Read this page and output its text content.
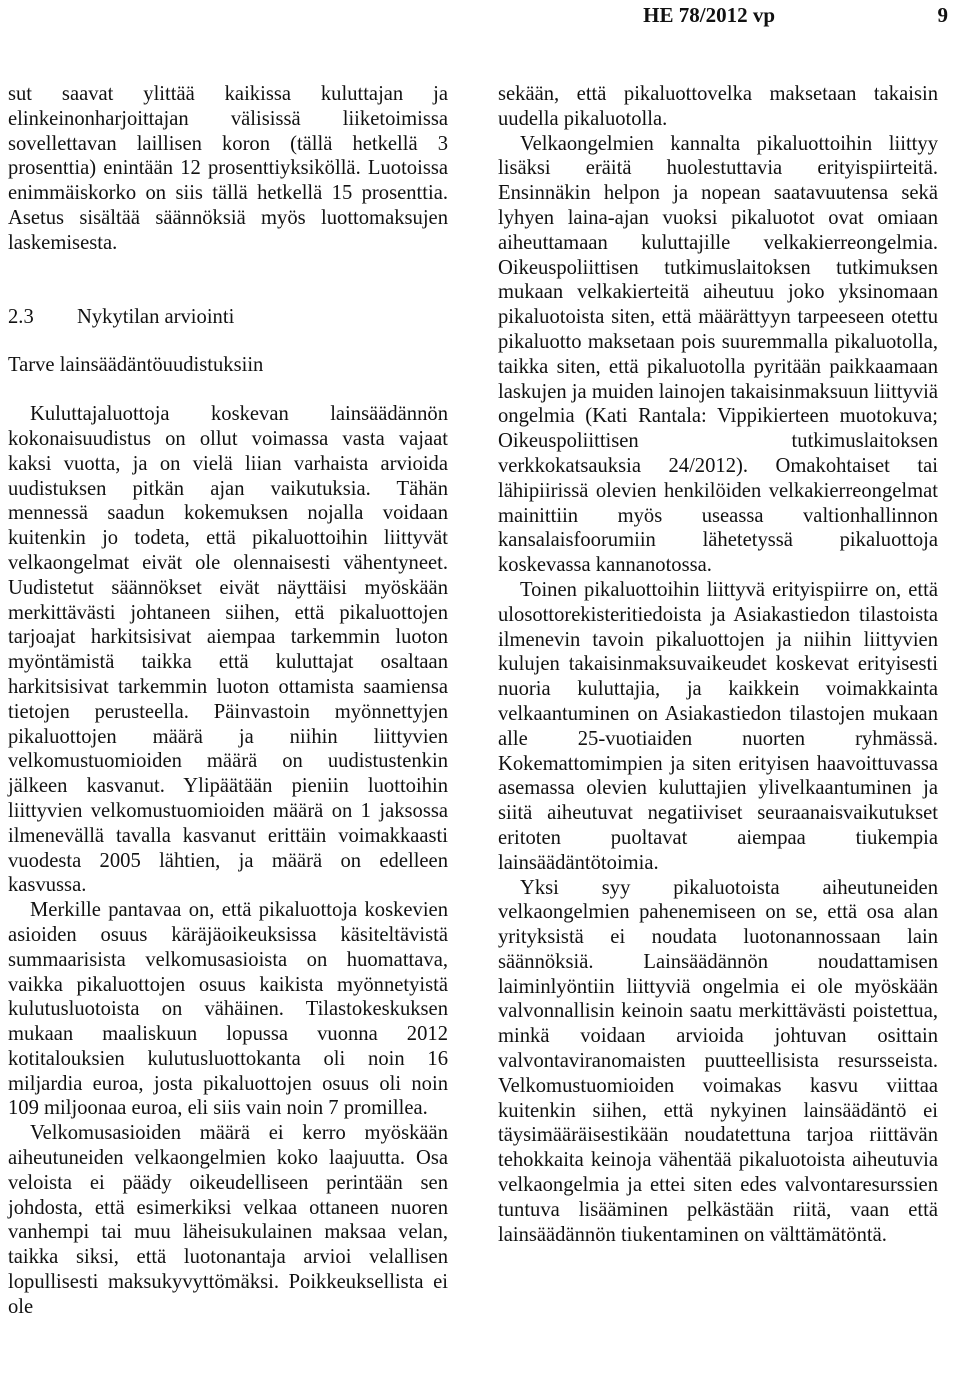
HE 78/2012 vp	9

sut saavat ylittää kaikissa kuluttajan ja elinkeinonharjoittajan välisissä liiketoimissa sovellettavan laillisen koron (tällä hetkellä 3 prosenttia) enintään 12 prosenttiyksiköllä. Luotoissa enimmäiskorko on siis tällä hetkellä 15 prosenttia. Asetus sisältää säännöksiä myös luottomaksujen laskemisesta.

2.3 Nykytilan arviointi

Tarve lainsäädäntöuudistuksiin

Kuluttajaluottoja koskevan lainsäädännön kokonaisuudistus on ollut voimassa vasta vajaat kaksi vuotta, ja on vielä liian varhaista arvioida uudistuksen pitkän ajan vaikutuksia. Tähän mennessä saadun kokemuksen nojalla voidaan kuitenkin jo todeta, että pikaluottoihin liittyvät velkaongelmat eivät ole olennaisesti vähentyneet. Uudistetut säännökset eivät näyttäisi myöskään merkittävästi johtaneen siihen, että pikaluottojen tarjoajat harkitsisivat aiempaa tarkemmin luoton myöntämistä taikka että kuluttajat osaltaan harkitsisivat tarkemmin luoton ottamista saamiensa tietojen perusteella. Päinvastoin myönnettyjen pikaluottojen määrä ja niihin liittyvien velkomustuomioiden määrä on uudistustenkin jälkeen kasvanut. Ylipäätään pieniin luottoihin liittyvien velkomustuomioiden määrä on 1 jaksossa ilmenevällä tavalla kasvanut erittäin voimakkaasti vuodesta 2005 lähtien, ja määrä on edelleen kasvussa.

Merkille pantavaa on, että pikaluottoja koskevien asioiden osuus käräjäoikeuksissa käsiteltävistä summaarisista velkomusasioista on huomattava, vaikka pikaluottojen osuus kaikista myönnetyistä kulutusluotoista on vähäinen. Tilastokeskuksen mukaan maaliskuun lopussa vuonna 2012 kotitalouksien kulutusluottokanta oli noin 16 miljardia euroa, josta pikaluottojen osuus oli noin 109 miljoonaa euroa, eli siis vain noin 7 promillea.

Velkomusasioiden määrä ei kerro myöskään aiheutuneiden velkaongelmien koko laajuutta. Osa veloista ei päädy oikeudelliseen perintään sen johdosta, että esimerkiksi velkaa ottaneen nuoren vanhempi tai muu läheisukulainen maksaa velan, taikka siksi, että luotonantaja arvioi velallisen lopullisesti maksukyvyttömäksi. Poikkeuksellista ei ole

sekään, että pikaluottovelka maksetaan takaisin uudella pikaluotolla.

Velkaongelmien kannalta pikaluottoihin liittyy lisäksi eräitä huolestuttavia erityispiirteitä. Ensinnäkin helpon ja nopean saatavuutensa sekä lyhyen laina-ajan vuoksi pikaluotot ovat omiaan aiheuttamaan kuluttajille velkakierreongelmia. Oikeuspoliittisen tutkimuslaitoksen tutkimuksen mukaan velkakierteitä aiheutuu joko yksinomaan pikaluotoista siten, että määrättyyn tarpeeseen otettu pikaluotto maksetaan pois suuremmalla pikaluotolla, taikka siten, että pikaluotolla pyritään paikkaamaan laskujen ja muiden lainojen takaisinmaksuun liittyviä ongelmia (Kati Rantala: Vippikierteen muotokuva; Oikeuspoliittisen tutkimuslaitoksen verkkokatsauksia 24/2012). Omakohtaiset tai lähipiirissä olevien henkilöiden velkakierreongelmat mainittiin myös useassa valtionhallinnon kansalaisfoorumiin lähetetyssä pikaluottoja koskevassa kannanotossa.

Toinen pikaluottoihin liittyvä erityispiirre on, että ulosottorekisteritiedoista ja Asiakastiedon tilastoista ilmenevin tavoin pikaluottojen ja niihin liittyvien kulujen takaisinmaksuvaikeudet koskevat erityisesti nuoria kuluttajia, ja kaikkein voimakkainta velkaantuminen on Asiakastiedon tilastojen mukaan alle 25-vuotiaiden nuorten ryhmässä. Kokemattomimpien ja siten erityisen haavoittuvassa asemassa olevien kuluttajien ylivelkaantuminen ja siitä aiheutuvat negatiiviset seuraanaisvaikutukset eritoten puoltavat aiempaa tiukempia lainsäädäntötoimia.

Yksi syy pikaluotoista aiheutuneiden velkaongelmien pahenemiseen on se, että osa alan yrityksistä ei noudata luotonannossaan lain säännöksiä. Lainsäädännön noudattamisen laiminlyöntiin liittyviä ongelmia ei ole myöskään valvonnallisin keinoin saatu merkittävästi poistettua, minkä voidaan arvioida johtuvan osittain valvontaviranomaisten puutteellisista resursseista. Velkomustuomioiden voimakas kasvu viittaa kuitenkin siihen, että nykyinen lainsäädäntö ei täysimääräisestikään noudatettuna tarjoa riittävän tehokkaita keinoja vähentää pikaluotoista aiheutuvia velkaongelmia ja ettei siten edes valvontaresurssien tuntuva lisääminen pelkästään riitä, vaan että lainsäädännön tiukentaminen on välttämätöntä.
